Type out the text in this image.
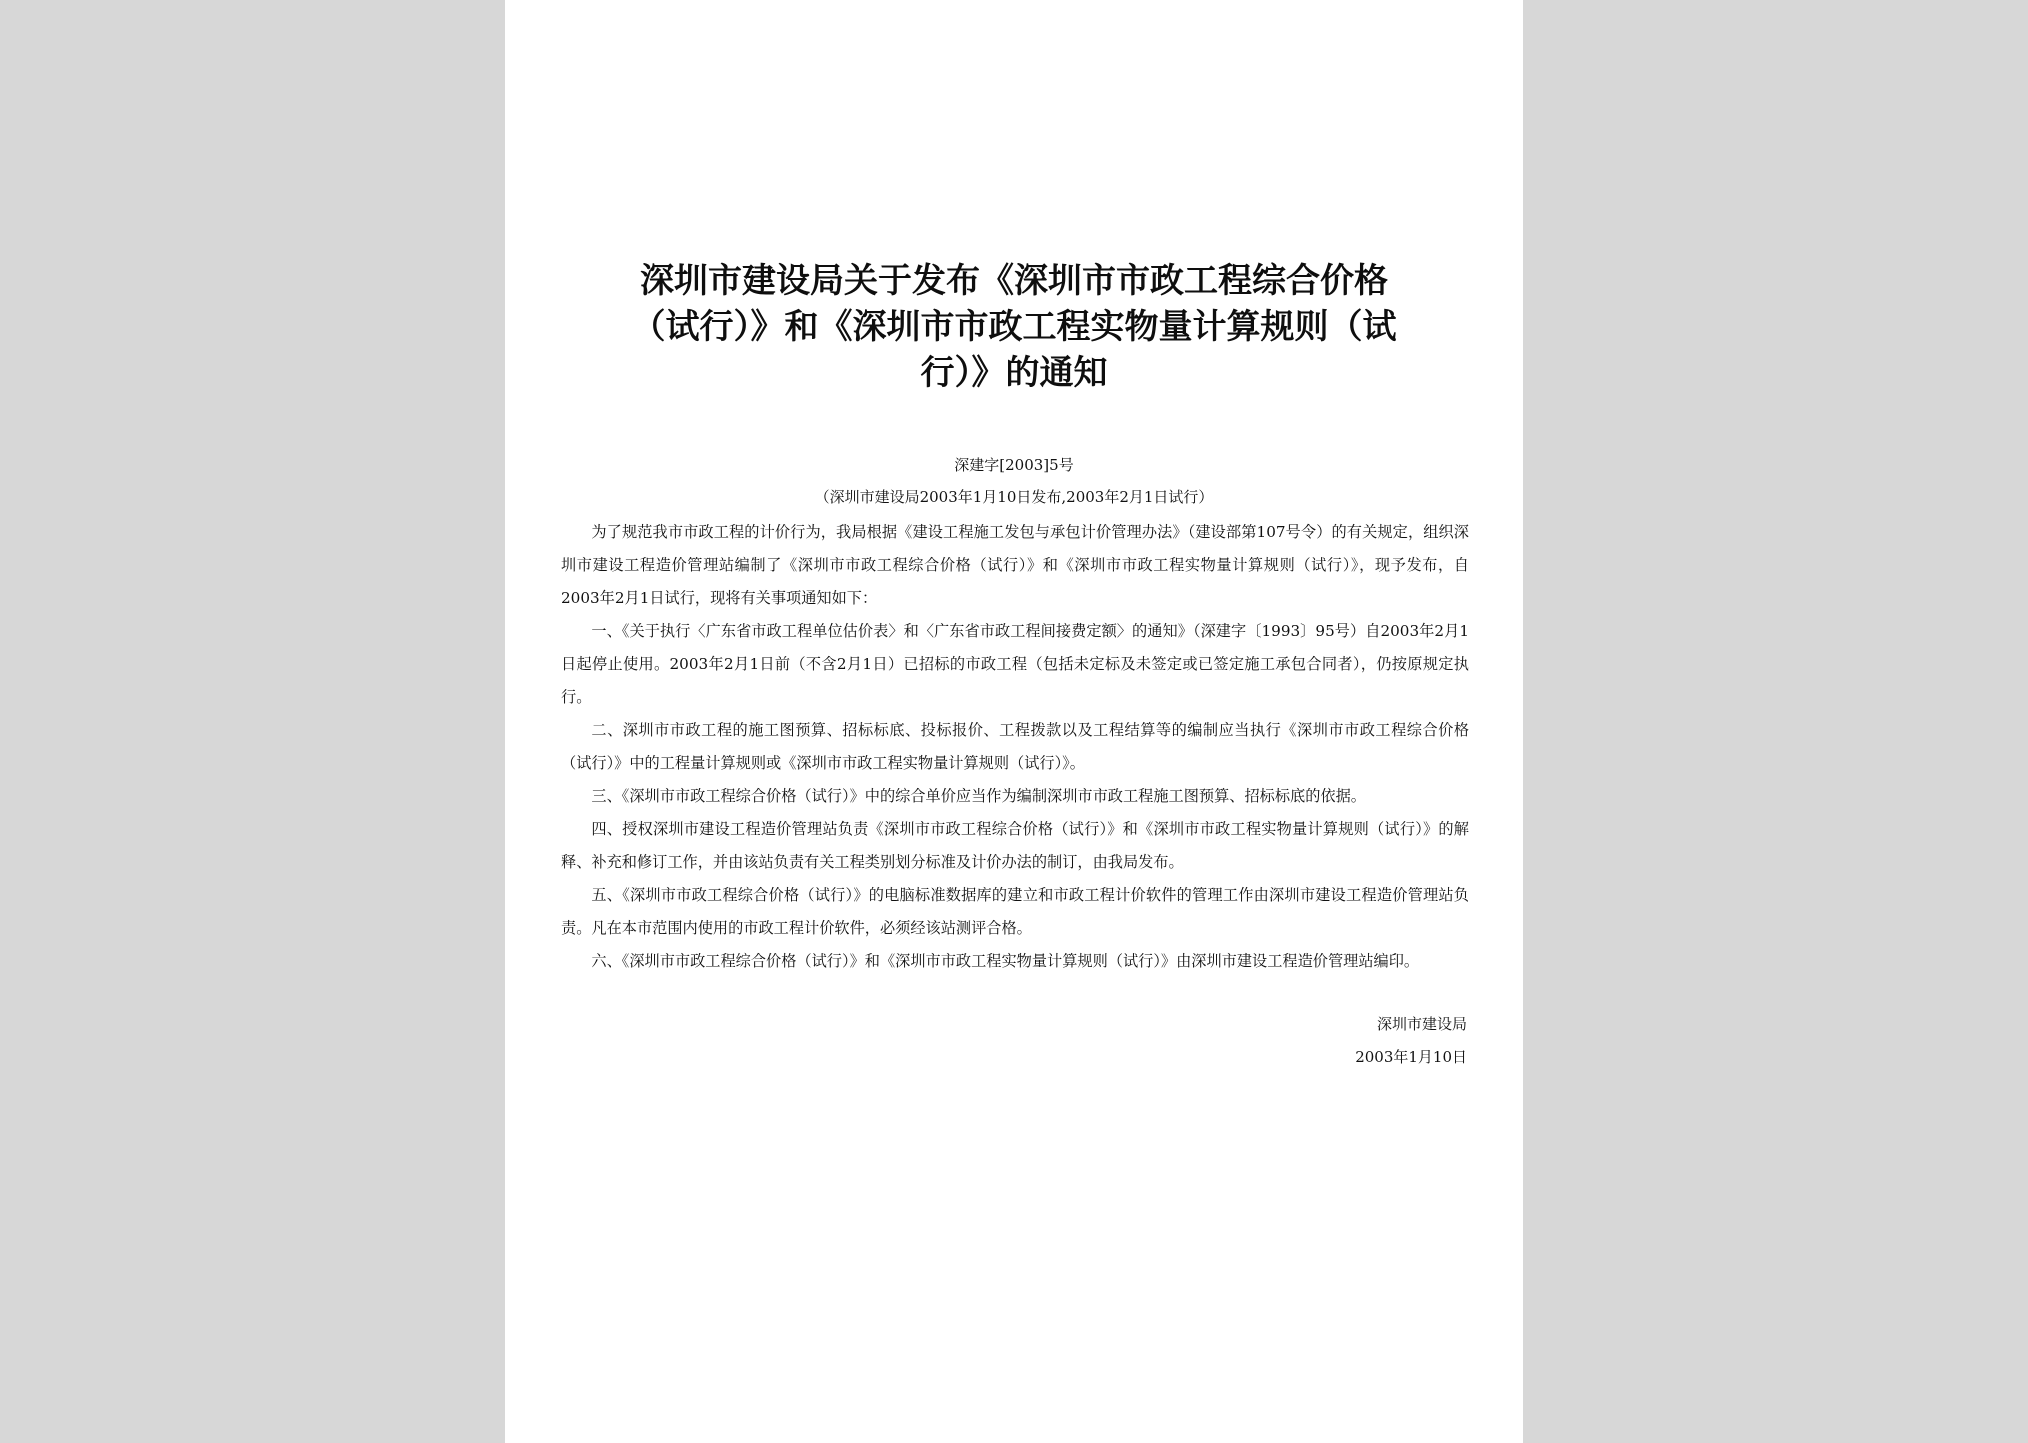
深圳市建设局关于发布《深圳市市政工程综合价格
（试行）》和《深圳市市政工程实物量计算规则（试
行）》的通知
深建字[2003]5号
（深圳市建设局2003年1月10日发布,2003年2月1日试行）

为了规范我市市政工程的计价行为，我局根据《建设工程施工发包与承包计价管理办法》（建设部第107号令）的有关规定，组织深圳市建设工程造价管理站编制了《深圳市市政工程综合价格（试行）》和《深圳市市政工程实物量计算规则（试行）》，现予发布，自2003年2月1日试行，现将有关事项通知如下：

一、《关于执行〈广东省市政工程单位估价表〉和〈广东省市政工程间接费定额〉的通知》（深建字〔1993〕95号）自2003年2月1日起停止使用。2003年2月1日前（不含2月1日）已招标的市政工程（包括未定标及未签定或已签定施工承包合同者），仍按原规定执行。

二、深圳市市政工程的施工图预算、招标标底、投标报价、工程拨款以及工程结算等的编制应当执行《深圳市市政工程综合价格（试行）》中的工程量计算规则或《深圳市市政工程实物量计算规则（试行）》。

三、《深圳市市政工程综合价格（试行）》中的综合单价应当作为编制深圳市市政工程施工图预算、招标标底的依据。

四、授权深圳市建设工程造价管理站负责《深圳市市政工程综合价格（试行）》和《深圳市市政工程实物量计算规则（试行）》的解释、补充和修订工作，并由该站负责有关工程类别划分标准及计价办法的制订，由我局发布。

五、《深圳市市政工程综合价格（试行）》的电脑标准数据库的建立和市政工程计价软件的管理工作由深圳市建设工程造价管理站负责。凡在本市范围内使用的市政工程计价软件，必须经该站测评合格。

六、《深圳市市政工程综合价格（试行）》和《深圳市市政工程实物量计算规则（试行）》由深圳市建设工程造价管理站编印。

深圳市建设局
2003年1月10日
